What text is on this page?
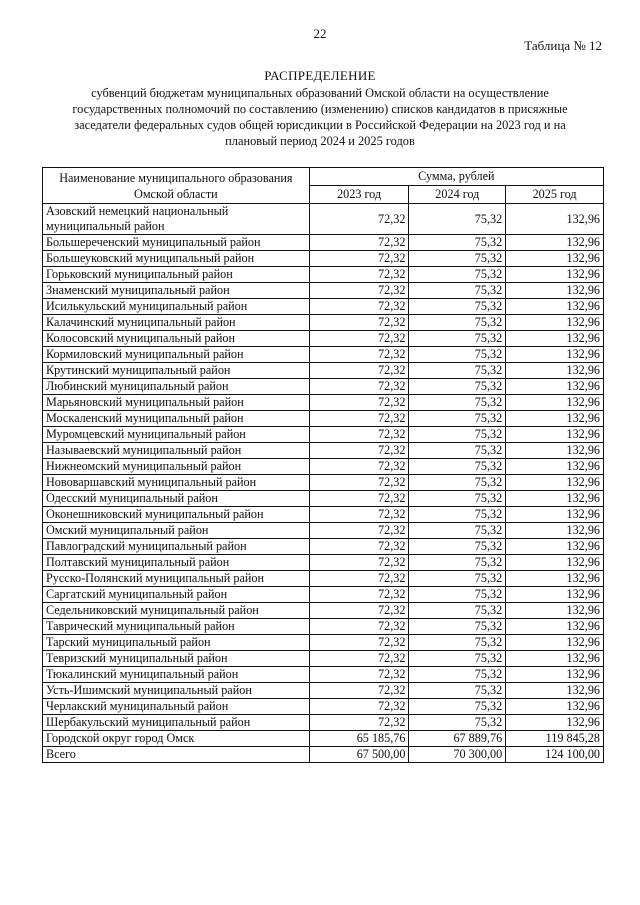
22
Таблица № 12
РАСПРЕДЕЛЕНИЕ
субвенций бюджетам муниципальных образований Омской области на осуществление государственных полномочий по составлению (изменению) списков кандидатов в присяжные заседатели федеральных судов общей юрисдикции в Российской Федерации на 2023 год и на плановый период 2024 и 2025 годов
Наименование муниципального образования Омской области	Сумма, рублей		
	2023 год	2024 год	2025 год
Азовский немецкий национальный муниципальный район	72,32	75,32	132,96
Большереченский муниципальный район	72,32	75,32	132,96
Большеуковский муниципальный район	72,32	75,32	132,96
Горьковский муниципальный район	72,32	75,32	132,96
Знаменский муниципальный район	72,32	75,32	132,96
Исилькульский муниципальный район	72,32	75,32	132,96
Калачинский муниципальный район	72,32	75,32	132,96
Колосовский муниципальный район	72,32	75,32	132,96
Кормиловский муниципальный район	72,32	75,32	132,96
Крутинский муниципальный район	72,32	75,32	132,96
Любинский муниципальный район	72,32	75,32	132,96
Марьяновский муниципальный район	72,32	75,32	132,96
Москаленский муниципальный район	72,32	75,32	132,96
Муромцевский муниципальный район	72,32	75,32	132,96
Называевский муниципальный район	72,32	75,32	132,96
Нижнеомский муниципальный район	72,32	75,32	132,96
Нововаршавский муниципальный район	72,32	75,32	132,96
Одесский муниципальный район	72,32	75,32	132,96
Оконешниковский муниципальный район	72,32	75,32	132,96
Омский муниципальный район	72,32	75,32	132,96
Павлоградский муниципальный район	72,32	75,32	132,96
Полтавский муниципальный район	72,32	75,32	132,96
Русско-Полянский муниципальный район	72,32	75,32	132,96
Саргатский муниципальный район	72,32	75,32	132,96
Седельниковский муниципальный район	72,32	75,32	132,96
Таврический муниципальный район	72,32	75,32	132,96
Тарский муниципальный район	72,32	75,32	132,96
Тевризский муниципальный район	72,32	75,32	132,96
Тюкалинский муниципальный район	72,32	75,32	132,96
Усть-Ишимский муниципальный район	72,32	75,32	132,96
Черлакский муниципальный район	72,32	75,32	132,96
Шербакульский муниципальный район	72,32	75,32	132,96
Городской округ город Омск	65 185,76	67 889,76	119 845,28
Всего	67 500,00	70 300,00	124 100,00
